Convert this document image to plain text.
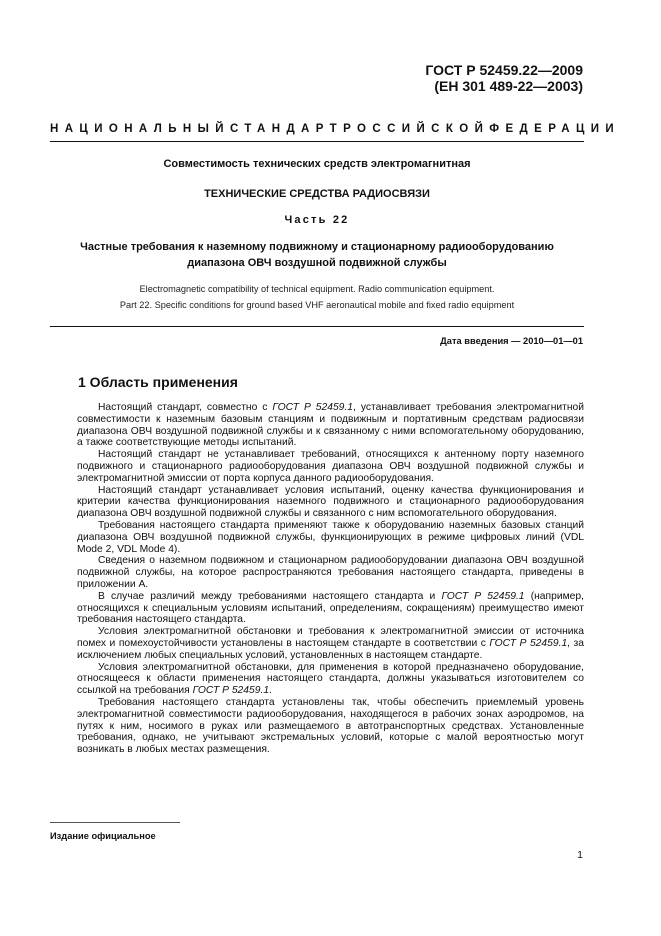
ГОСТ Р 52459.22—2009
(ЕН 301 489-22—2003)
НАЦИОНАЛЬНЫЙ СТАНДАРТ РОССИЙСКОЙ ФЕДЕРАЦИИ
Совместимость технических средств электромагнитная
ТЕХНИЧЕСКИЕ СРЕДСТВА РАДИОСВЯЗИ
Часть 22
Частные требования к наземному подвижному и стационарному радиооборудованию
диапазона ОВЧ воздушной подвижной службы
Electromagnetic compatibility of technical equipment. Radio communication equipment.
Part 22. Specific conditions for ground based VHF aeronautical mobile and fixed radio equipment
Дата введения — 2010—01—01
1 Область применения

Настоящий стандарт, совместно с ГОСТ Р 52459.1, устанавливает требования электромагнитной совместимости к наземным базовым станциям и подвижным и портативным средствам радиосвязи диапазона ОВЧ воздушной подвижной службы и к связанному с ними вспомогательному оборудованию, а также соответствующие методы испытаний.

Настоящий стандарт не устанавливает требований, относящихся к антенному порту наземного подвижного и стационарного радиооборудования диапазона ОВЧ воздушной подвижной службы и электромагнитной эмиссии от порта корпуса данного радиооборудования.

Настоящий стандарт устанавливает условия испытаний, оценку качества функционирования и критерии качества функционирования наземного подвижного и стационарного радиооборудования диапазона ОВЧ воздушной подвижной службы и связанного с ним вспомогательного оборудования.

Требования настоящего стандарта применяют также к оборудованию наземных базовых станций диапазона ОВЧ воздушной подвижной службы, функционирующих в режиме цифровых линий (VDL Mode 2, VDL Mode 4).

Сведения о наземном подвижном и стационарном радиооборудовании диапазона ОВЧ воздушной подвижной службы, на которое распространяются требования настоящего стандарта, приведены в приложении А.

В случае различий между требованиями настоящего стандарта и ГОСТ Р 52459.1 (например, относящихся к специальным условиям испытаний, определениям, сокращениям) преимущество имеют требования настоящего стандарта.

Условия электромагнитной обстановки и требования к электромагнитной эмиссии от источника помех и помехоустойчивости установлены в настоящем стандарте в соответствии с ГОСТ Р 52459.1, за исключением любых специальных условий, установленных в настоящем стандарте.

Условия электромагнитной обстановки, для применения в которой предназначено оборудование, относящееся к области применения настоящего стандарта, должны указываться изготовителем со ссылкой на требования ГОСТ Р 52459.1.

Требования настоящего стандарта установлены так, чтобы обеспечить приемлемый уровень электромагнитной совместимости радиооборудования, находящегося в рабочих зонах аэродромов, на путях к ним, носимого в руках или размещаемого в автотранспортных средствах. Установленные требования, однако, не учитывают экстремальных условий, которые с малой вероятностью могут возникать в любых местах размещения.

Издание официальное
1
